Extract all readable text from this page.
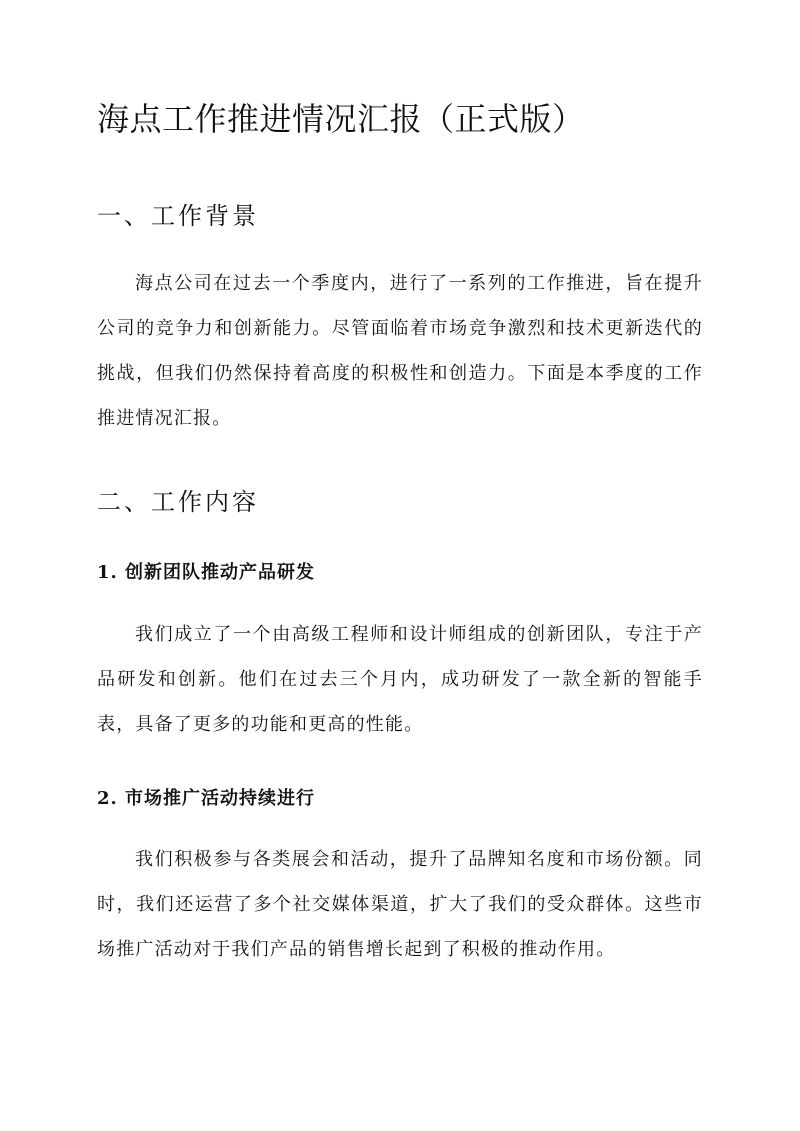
海点工作推进情况汇报（正式版）
一、工作背景

海点公司在过去一个季度内，进行了一系列的工作推进，旨在提升公司的竞争力和创新能力。尽管面临着市场竞争激烈和技术更新迭代的挑战，但我们仍然保持着高度的积极性和创造力。下面是本季度的工作推进情况汇报。

二、工作内容
1. 创新团队推动产品研发

我们成立了一个由高级工程师和设计师组成的创新团队，专注于产品研发和创新。他们在过去三个月内，成功研发了一款全新的智能手表，具备了更多的功能和更高的性能。

2. 市场推广活动持续进行

我们积极参与各类展会和活动，提升了品牌知名度和市场份额。同时，我们还运营了多个社交媒体渠道，扩大了我们的受众群体。这些市场推广活动对于我们产品的销售增长起到了积极的推动作用。
